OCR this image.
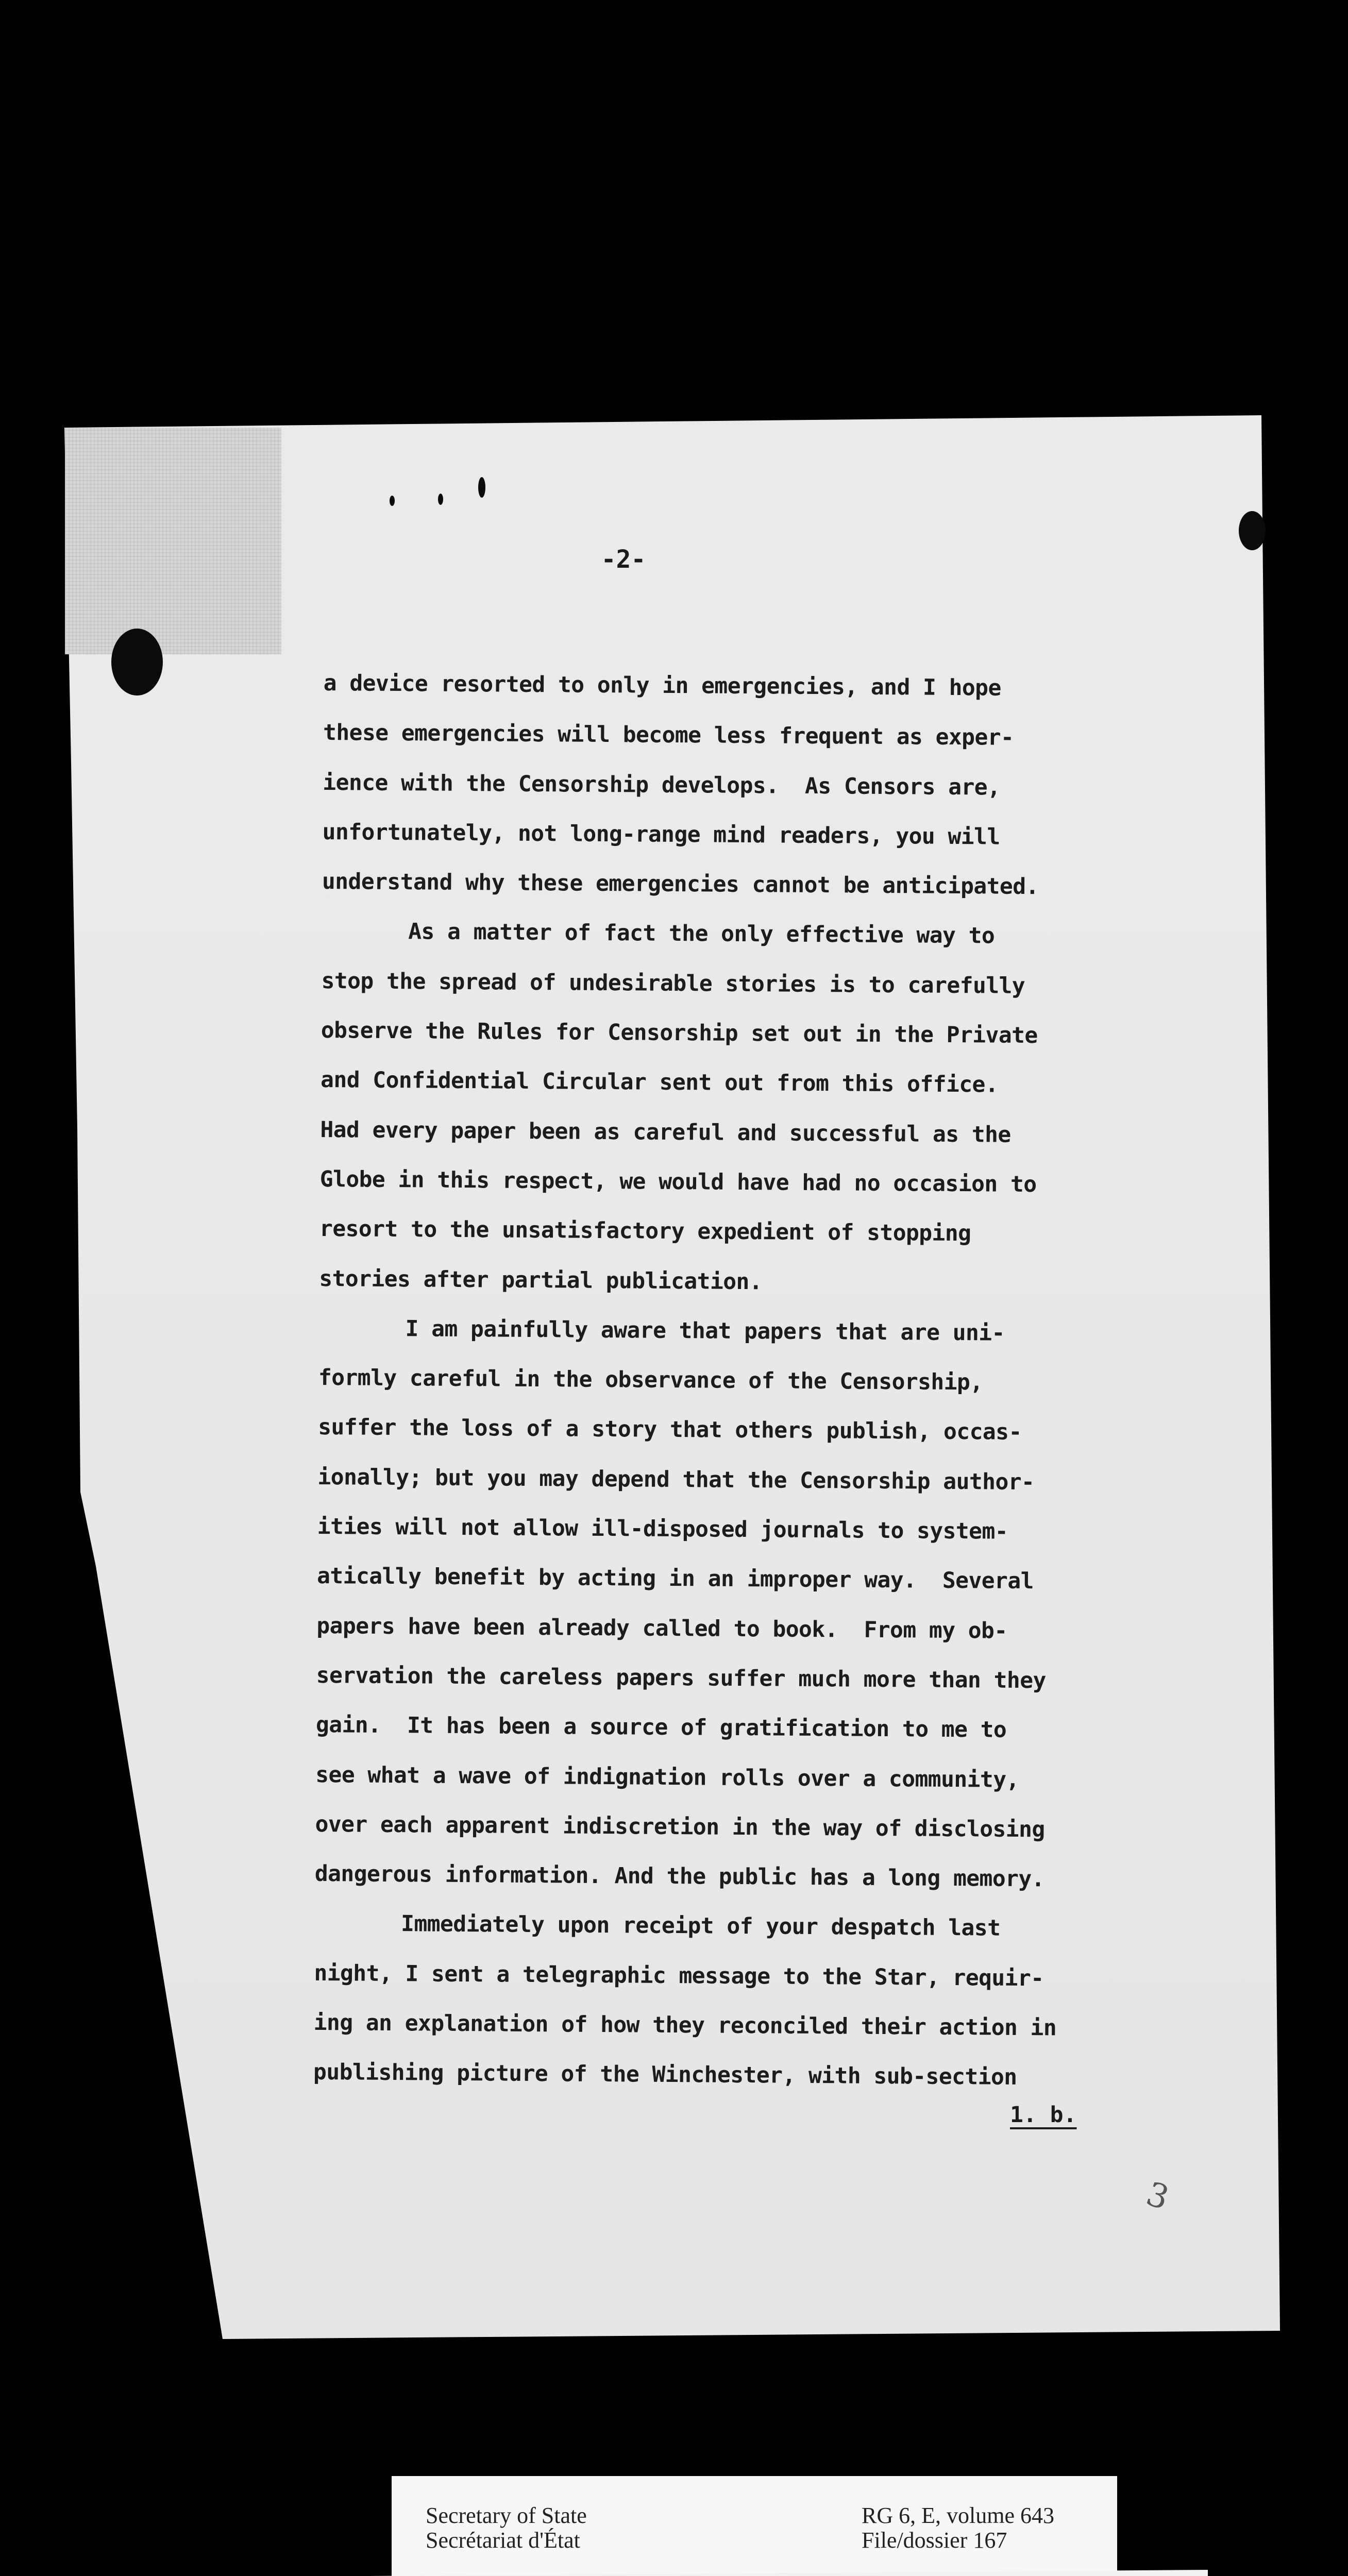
-2-
a device resorted to only in emergencies, and I hope
these emergencies will become less frequent as exper-
ience with the Censorship develops.  As Censors are,
unfortunately, not long-range mind readers, you will
understand why these emergencies cannot be anticipated.
As a matter of fact the only effective way to
stop the spread of undesirable stories is to carefully
observe the Rules for Censorship set out in the Private
and Confidential Circular sent out from this office.
Had every paper been as careful and successful as the
Globe in this respect, we would have had no occasion to
resort to the unsatisfactory expedient of stopping
stories after partial publication.
I am painfully aware that papers that are uni-
formly careful in the observance of the Censorship,
suffer the loss of a story that others publish, occas-
ionally; but you may depend that the Censorship author-
ities will not allow ill-disposed journals to system-
atically benefit by acting in an improper way.  Several
papers have been already called to book.  From my ob-
servation the careless papers suffer much more than they
gain.  It has been a source of gratification to me to
see what a wave of indignation rolls over a community,
over each apparent indiscretion in the way of disclosing
dangerous information. And the public has a long memory.
Immediately upon receipt of your despatch last
night, I sent a telegraphic message to the Star, requir-
ing an explanation of how they reconciled their action in
publishing picture of the Winchester, with sub-section
1. b.
3
Secretary of State
Secrétariat d'État
RG 6, E, volume 643
File/dossier 167
